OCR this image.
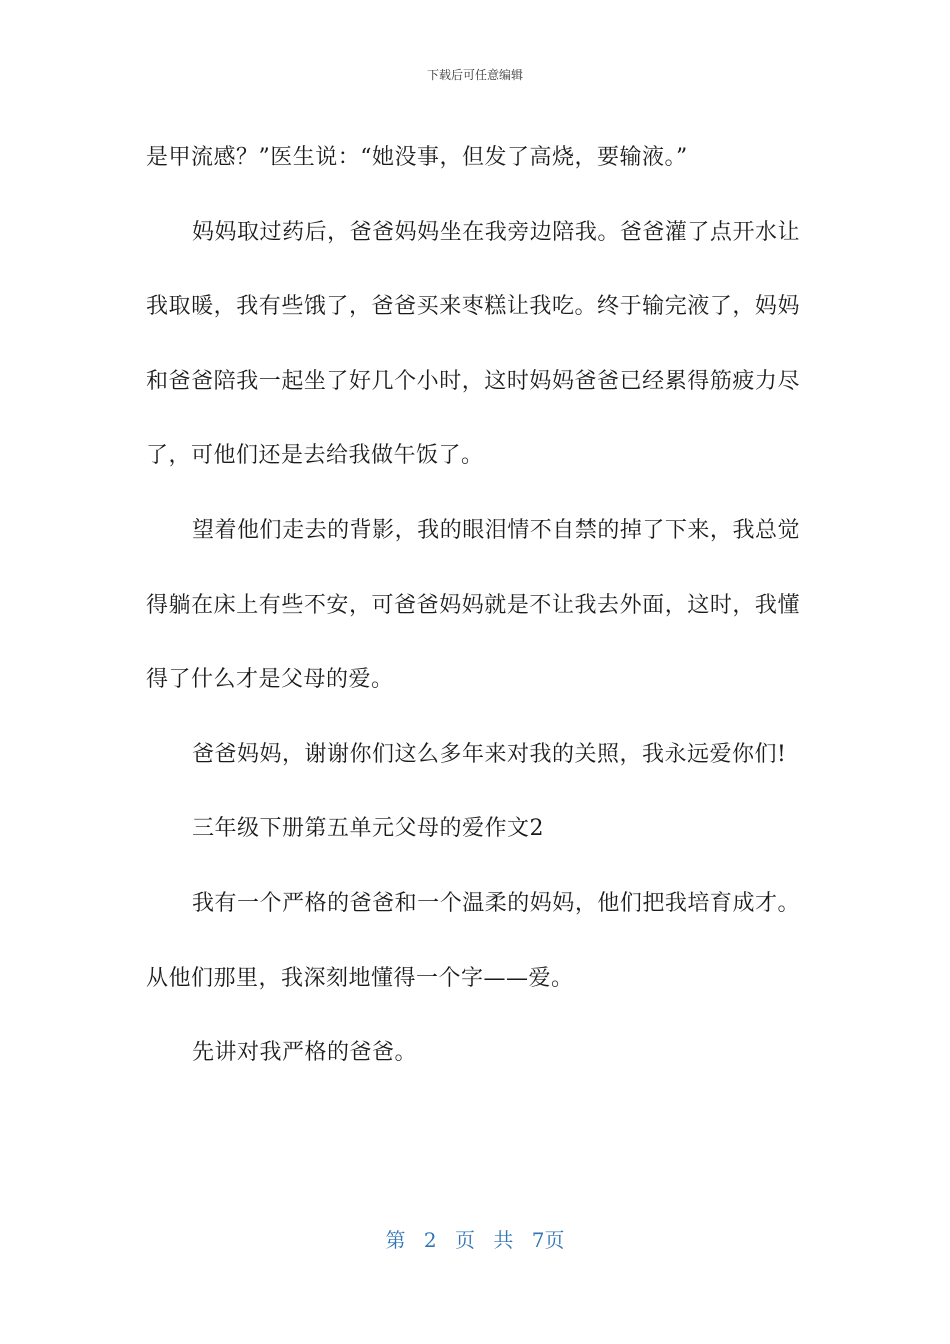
下载后可任意编辑

是甲流感？”医生说：“她没事，但发了高烧，要输液。”

妈妈取过药后，爸爸妈妈坐在我旁边陪我。爸爸灌了点开水让我取暖，我有些饿了，爸爸买来枣糕让我吃。终于输完液了，妈妈和爸爸陪我一起坐了好几个小时，这时妈妈爸爸已经累得筋疲力尽了，可他们还是去给我做午饭了。

望着他们走去的背影，我的眼泪情不自禁的掉了下来，我总觉得躺在床上有些不安，可爸爸妈妈就是不让我去外面，这时，我懂得了什么才是父母的爱。

爸爸妈妈，谢谢你们这么多年来对我的关照，我永远爱你们!

三年级下册第五单元父母的爱作文2

我有一个严格的爸爸和一个温柔的妈妈，他们把我培育成才。从他们那里，我深刻地懂得一个字——爱。

先讲对我严格的爸爸。

第 2 页 共 7页
